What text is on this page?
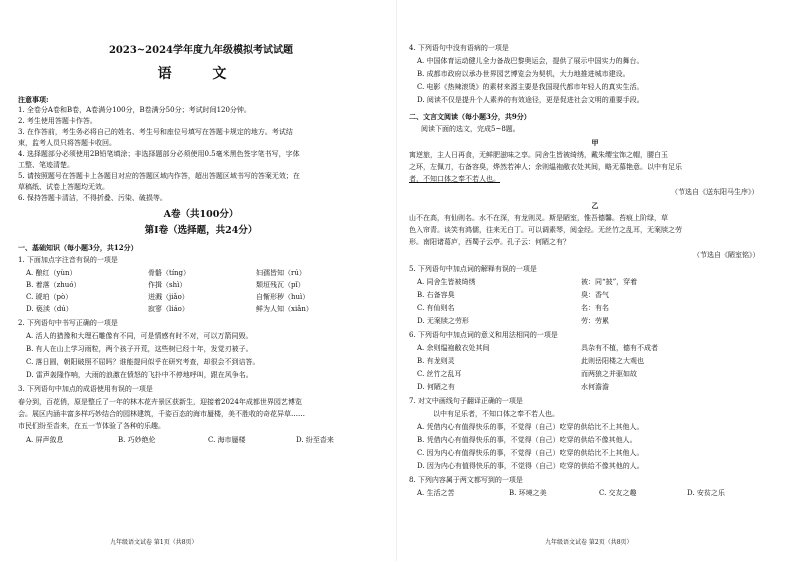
2023~2024学年度九年级模拟考试试题
语 文
注意事项:
1. 全卷分A卷和B卷，A卷满分100分，B卷满分50分；考试时间120分钟。
2. 考生使用答题卡作答。
3. 在作答前，考生务必将自己的姓名、考生号和座位号填写在答题卡规定的地方。考试结
束，监考人员只将答题卡收回。
4. 选择题部分必须使用2B铅笔填涂；非选择题部分必须使用0.5毫米黑色签字笔书写，字体
工整、笔迹清楚。
5. 请按照题号在答题卡上各题目对应的答题区域内作答，超出答题区域书写的答案无效；在
草稿纸、试卷上答题均无效。
6. 保持答题卡清洁，不得折叠、污染、破损等。
A卷（共100分）
第Ⅰ卷（选择题，共24分）
一、基础知识（每小题3分，共12分）
1. 下面加点字注音有误的一项是
A. 酿红（yùn）	骨骼（tíng）	妇孺皆知（rú）
B. 着落（zhuó）	作揖（shì）	颓垣残瓦（pǐ）
C. 琥珀（pò）	迸溅（jiǎo）	自惭形秽（huì）
D. 亵渎（dú）	寂寥（liáo）	鲜为人知（xiǎn）
2. 下列语句中书写正确的一项是
A. 活人的猎豫和大理石雕像有不同，可是情感有时不对，可以万箭同毁。
B. 有人在山上学习雨粒，两个孩子开荒，这些树已经十年，发觉刃被子。
C. 落日圆，朝阳破照不屈吗？谁能提问似乎在研究考查，却很会不到诘答。
D. 雷声轰隆作响，大雨的浪激在愤怒的飞扑中不停地呼叫，跟在风争名。
3. 下列语句中加点的成语使用有误的一项是
春分到，百花俏，原是整丘了一年的林木花卉景区获新生，迎接着2024年成都世界园艺博览
会。展区内涵丰富多样巧妙结合的园林建筑，千姿百态的海市蜃楼，美不胜收的奇花异草……
市民们纷至沓来，在五一节体验了各种的乐趣。
A. 屏声敛息	B. 巧妙绝伦	C. 海市蜃楼	D. 纷至沓来
九年级语文试卷 第1页（共8页）
4. 下列语句中没有语病的一项是
A. 中国体育运动健儿全力备战巴黎奥运会，提供了展示中国实力的舞台。
B. 成都市政府以承办世界园艺博览会为契机，大力地推进城市建设。
C. 电影《热辣滚烫》的素材来源主要是我国现代都市年轻人的真实生活。
D. 阅读不仅是提升个人素养的有效途径，更是促进社会文明的重要手段。
二、文言文阅读（每小题3分，共9分）
阅读下面的选文，完成5~8题。
甲
寓逆旅，主人日再食，无鲜肥滋味之享。同舍生皆被绮绣，戴朱缨宝饰之帽，腰白玉
之环，左佩刀，右备容臭，烨然若神人；余则缊袍敝衣处其间，略无慕艳意。以中有足乐
者，不知口体之奉不若人也。
（节选自《送东阳马生序》）
乙
山不在高，有仙则名。水不在深，有龙则灵。斯是陋室，惟吾德馨。苔痕上阶绿，草
色入帘青。谈笑有鸿儒，往来无白丁。可以调素琴，阅金经。无丝竹之乱耳，无案牍之劳
形。南阳诸葛庐，西蜀子云亭。孔子云：何陋之有？
（节选自《陋室铭》）
5. 下列语句中加点词的解释有误的一项是
A. 同舍生皆被绮绣	被：同“披”，穿着
B. 右备容臭	臭：香气
C. 有仙则名	名：有名
D. 无案牍之劳形	劳：劳累
6. 下列语句中加点词的意义和用法相同的一项是
A. 余则缊袍敝衣处其间	具杂有不植，德有不成者
B. 有龙则灵	此则岳阳楼之大观也
C. 丝竹之乱耳	而两狼之并驱如故
D. 何陋之有	水何澹澹
7. 对文中画线句子翻译正确的一项是
以中有足乐者，不知口体之奉不若人也。
A. 凭借内心有值得快乐的事，不觉得（自己）吃穿的供给比不上其他人。
B. 凭借内心有值得快乐的事，不觉得（自己）吃穿的供给不像其他人。
C. 因为内心有值得快乐的事，不觉得（自己）吃穿的供给比不上其他人。
D. 因为内心有值得快乐的事，不觉得（自己）吃穿的供给不像其他的人。
8. 下列内容属于两文都写到的一项是
A. 生活之苦	B. 环境之美	C. 交友之趣	D. 安贫之乐
九年级语文试卷 第2页（共8页）
